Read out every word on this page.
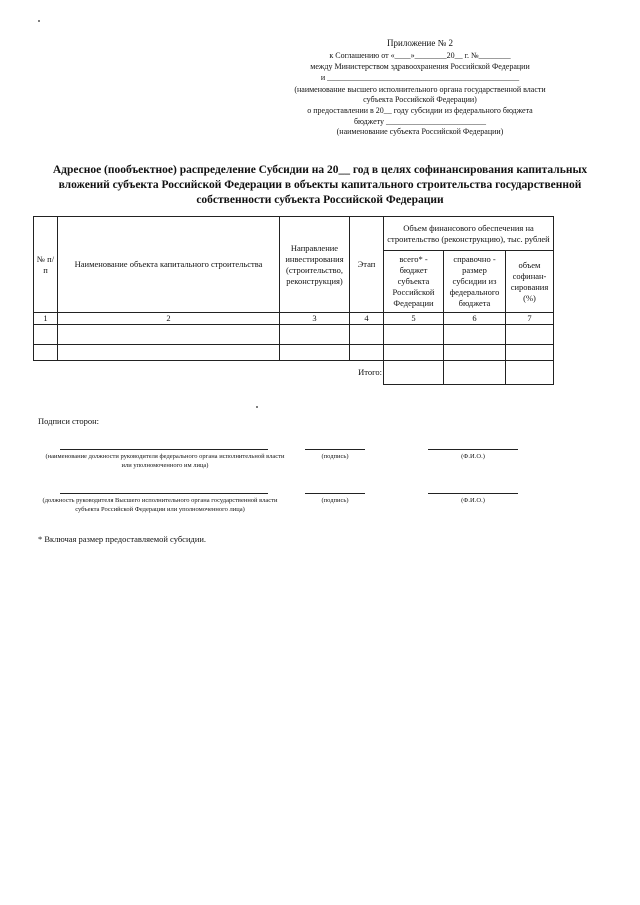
Приложение № 2
к Соглашению от «____»________20__ г. №________
между Министерством здравоохранения Российской Федерации
и ________________________________________________
(наименование высшего исполнительного органа государственной власти
субъекта Российской Федерации)
о предоставлении в 20__ году субсидии из федерального бюджета
бюджету _________________________
(наименование субъекта Российской Федерации)
Адресное (пообъектное) распределение Субсидии на 20__ год в целях софинансирования капитальных вложений субъекта Российской Федерации в объекты капитального строительства государственной собственности субъекта Российской Федерации
№ п/п	Наименование объекта капитального строительства	Направление инвестирования (строительство, реконструкция)	Этап	Объем финансового обеспечения на строительство (реконструкцию), тыс. рублей		
				всего* - бюджет субъекта Российской Федерации	справочно - размер субсидии из федерального бюджета	объем софинан-сирования (%)
1	2	3	4	5	6	7

			Итого:			
Подписи сторон:
(наименование должности руководителя федерального органа исполнительной власти или уполномоченного им лица)
(подпись)	(Ф.И.О.)
(должность руководителя Высшего исполнительного органа государственной власти субъекта Российской Федерации или уполномоченного лица)
(подпись)	(Ф.И.О.)
* Включая размер предоставляемой субсидии.
